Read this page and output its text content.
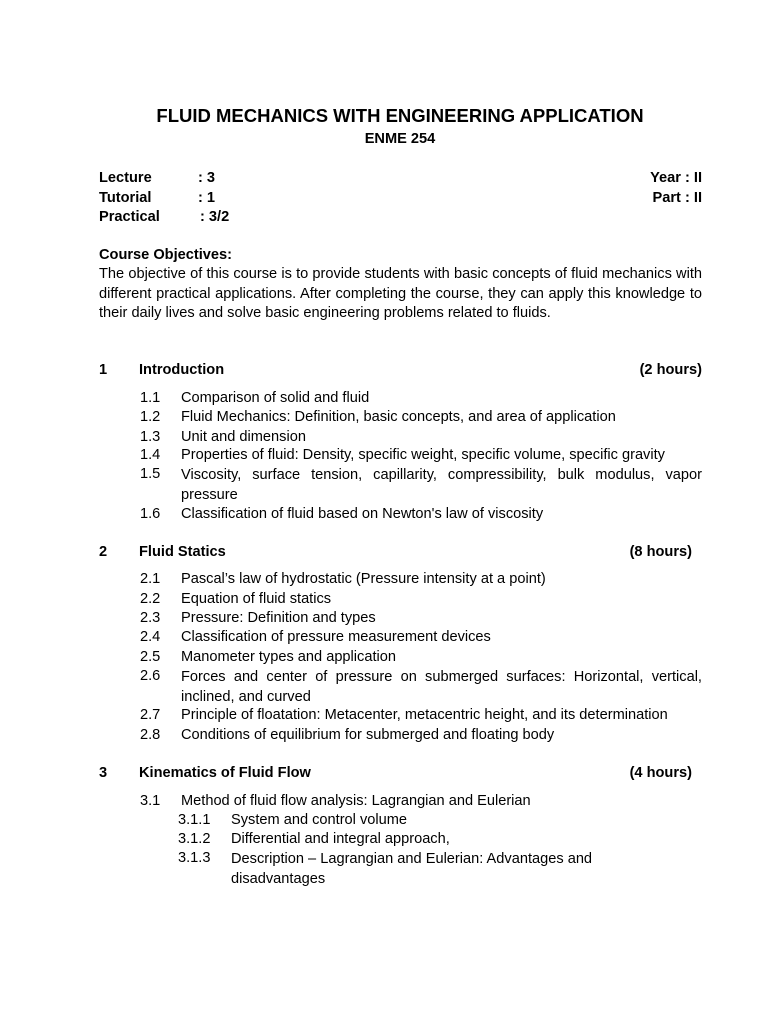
FLUID MECHANICS WITH ENGINEERING APPLICATION
ENME 254
Lecture	: 3
Tutorial	: 1
Practical	: 3/2
Year : II
Part : II
Course Objectives:
The objective of this course is to provide students with basic concepts of fluid mechanics with different practical applications. After completing the course, they can apply this knowledge to their daily lives and solve basic engineering problems related to fluids.
1 Introduction	(2 hours)
1.1 Comparison of solid and fluid
1.2 Fluid Mechanics: Definition, basic concepts, and area of application
1.3 Unit and dimension
1.4 Properties of fluid: Density, specific weight, specific volume, specific gravity
1.5 Viscosity, surface tension, capillarity, compressibility, bulk modulus, vapor pressure
1.6 Classification of fluid based on Newton's law of viscosity
2 Fluid Statics	(8 hours)
2.1 Pascal’s law of hydrostatic (Pressure intensity at a point)
2.2 Equation of fluid statics
2.3 Pressure: Definition and types
2.4 Classification of pressure measurement devices
2.5 Manometer types and application
2.6 Forces and center of pressure on submerged surfaces: Horizontal, vertical, inclined, and curved
2.7 Principle of floatation: Metacenter, metacentric height, and its determination
2.8 Conditions of equilibrium for submerged and floating body
3 Kinematics of Fluid Flow	(4 hours)
3.1 Method of fluid flow analysis: Lagrangian and Eulerian
3.1.1 System and control volume
3.1.2 Differential and integral approach,
3.1.3 Description – Lagrangian and Eulerian: Advantages and disadvantages
